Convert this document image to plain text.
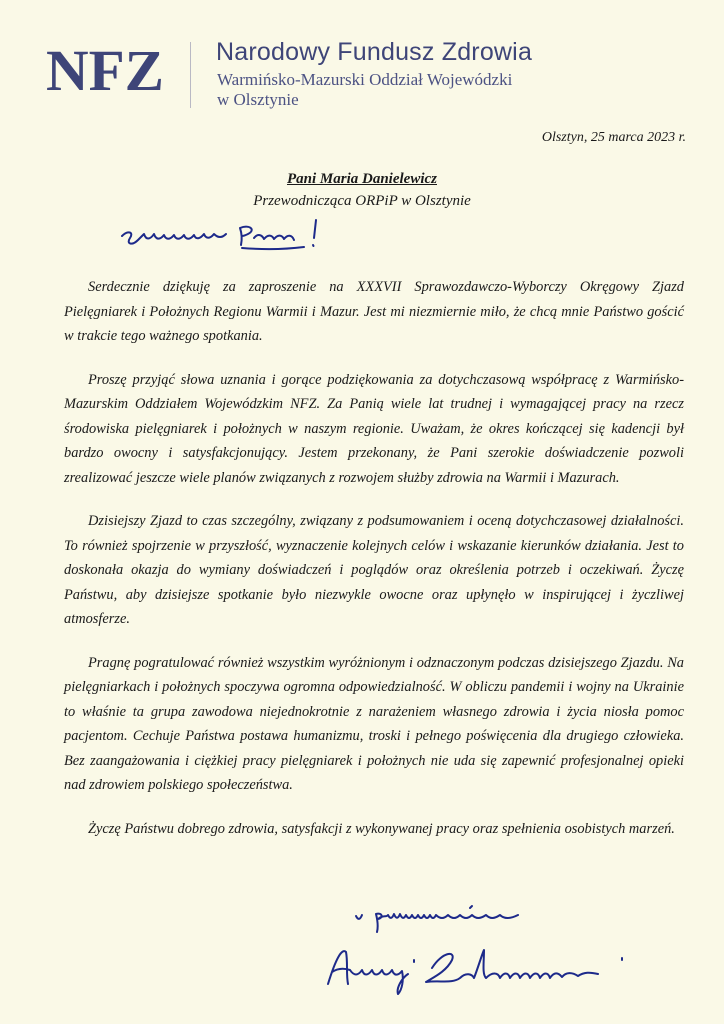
NFZ Narodowy Fundusz Zdrowia
Warmińsko-Mazurski Oddział Wojewódzki
w Olsztynie
Olsztyn, 25 marca 2023 r.
Pani Maria Danielewicz
Przewodnicząca ORPiP w Olsztynie

Serdecznie dziękuję za zaproszenie na XXXVII Sprawozdawczo-Wyborczy Okręgowy Zjazd Pielęgniarek i Położnych Regionu Warmii i Mazur. Jest mi niezmiernie miło, że chcą mnie Państwo gościć w trakcie tego ważnego spotkania.

Proszę przyjąć słowa uznania i gorące podziękowania za dotychczasową współpracę z Warmińsko-Mazurskim Oddziałem Wojewódzkim NFZ. Za Panią wiele lat trudnej i wymagającej pracy na rzecz środowiska pielęgniarek i położnych w naszym regionie. Uważam, że okres kończącej się kadencji był bardzo owocny i satysfakcjonujący. Jestem przekonany, że Pani szerokie doświadczenie pozwoli zrealizować jeszcze wiele planów związanych z rozwojem służby zdrowia na Warmii i Mazurach.

Dzisiejszy Zjazd to czas szczególny, związany z podsumowaniem i oceną dotychczasowej działalności. To również spojrzenie w przyszłość, wyznaczenie kolejnych celów i wskazanie kierunków działania. Jest to doskonała okazja do wymiany doświadczeń i poglądów oraz określenia potrzeb i oczekiwań. Życzę Państwu, aby dzisiejsze spotkanie było niezwykle owocne oraz upłynęło w inspirującej i życzliwej atmosferze.

Pragnę pogratulować również wszystkim wyróżnionym i odznaczonym podczas dzisiejszego Zjazdu. Na pielęgniarkach i położnych spoczywa ogromna odpowiedzialność. W obliczu pandemii i wojny na Ukrainie to właśnie ta grupa zawodowa niejednokrotnie z narażeniem własnego zdrowia i życia niosła pomoc pacjentom. Cechuje Państwa postawa humanizmu, troski i pełnego poświęcenia dla drugiego człowieka. Bez zaangażowania i ciężkiej pracy pielęgniarek i położnych nie uda się zapewnić profesjonalnej opieki nad zdrowiem polskiego społeczeństwa.

Życzę Państwu dobrego zdrowia, satysfakcji z wykonywanej pracy oraz spełnienia osobistych marzeń.
